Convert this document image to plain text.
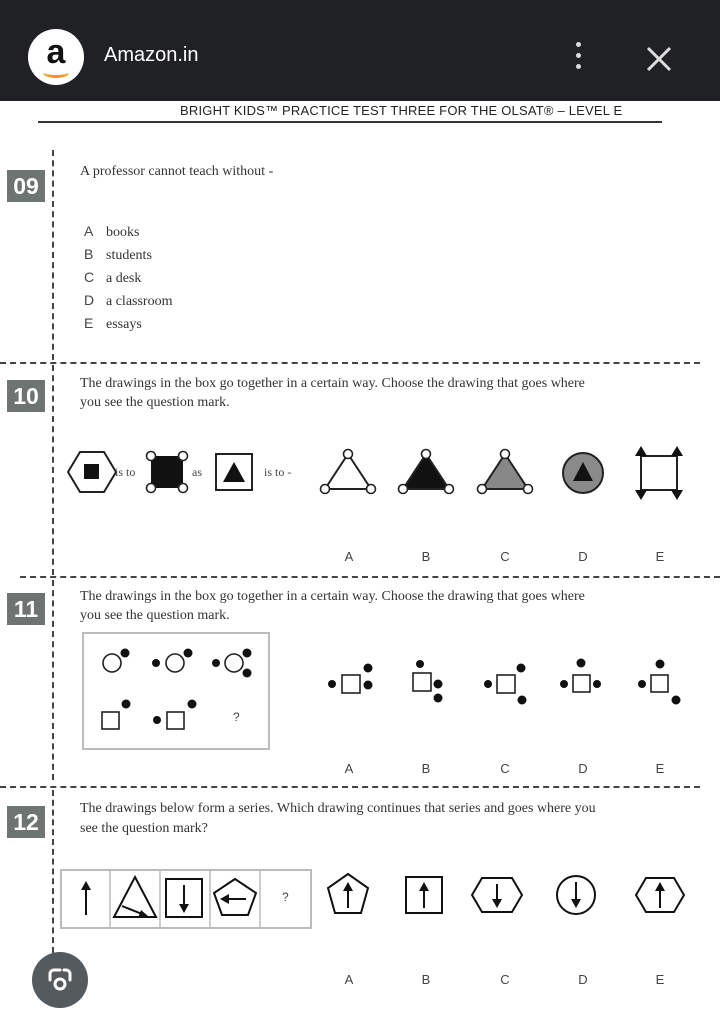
a	Amazon.in
BRIGHT KIDS™ PRACTICE TEST THREE FOR THE OLSAT® – LEVEL E
09
A professor cannot teach without -
A books
B students
C a desk
D a classroom
E essays
10	The drawings in the box go together in a certain way. Choose the drawing that goes where
you see the question mark.
is to	as	is to -
A	B	C	D	E
11	The drawings in the box go together in a certain way. Choose the drawing that goes where
you see the question mark.
?
A	B	C	D	E
12
The drawings below form a series. Which drawing continues that series and goes where you
see the question mark?
?
A	B	C	D	E
